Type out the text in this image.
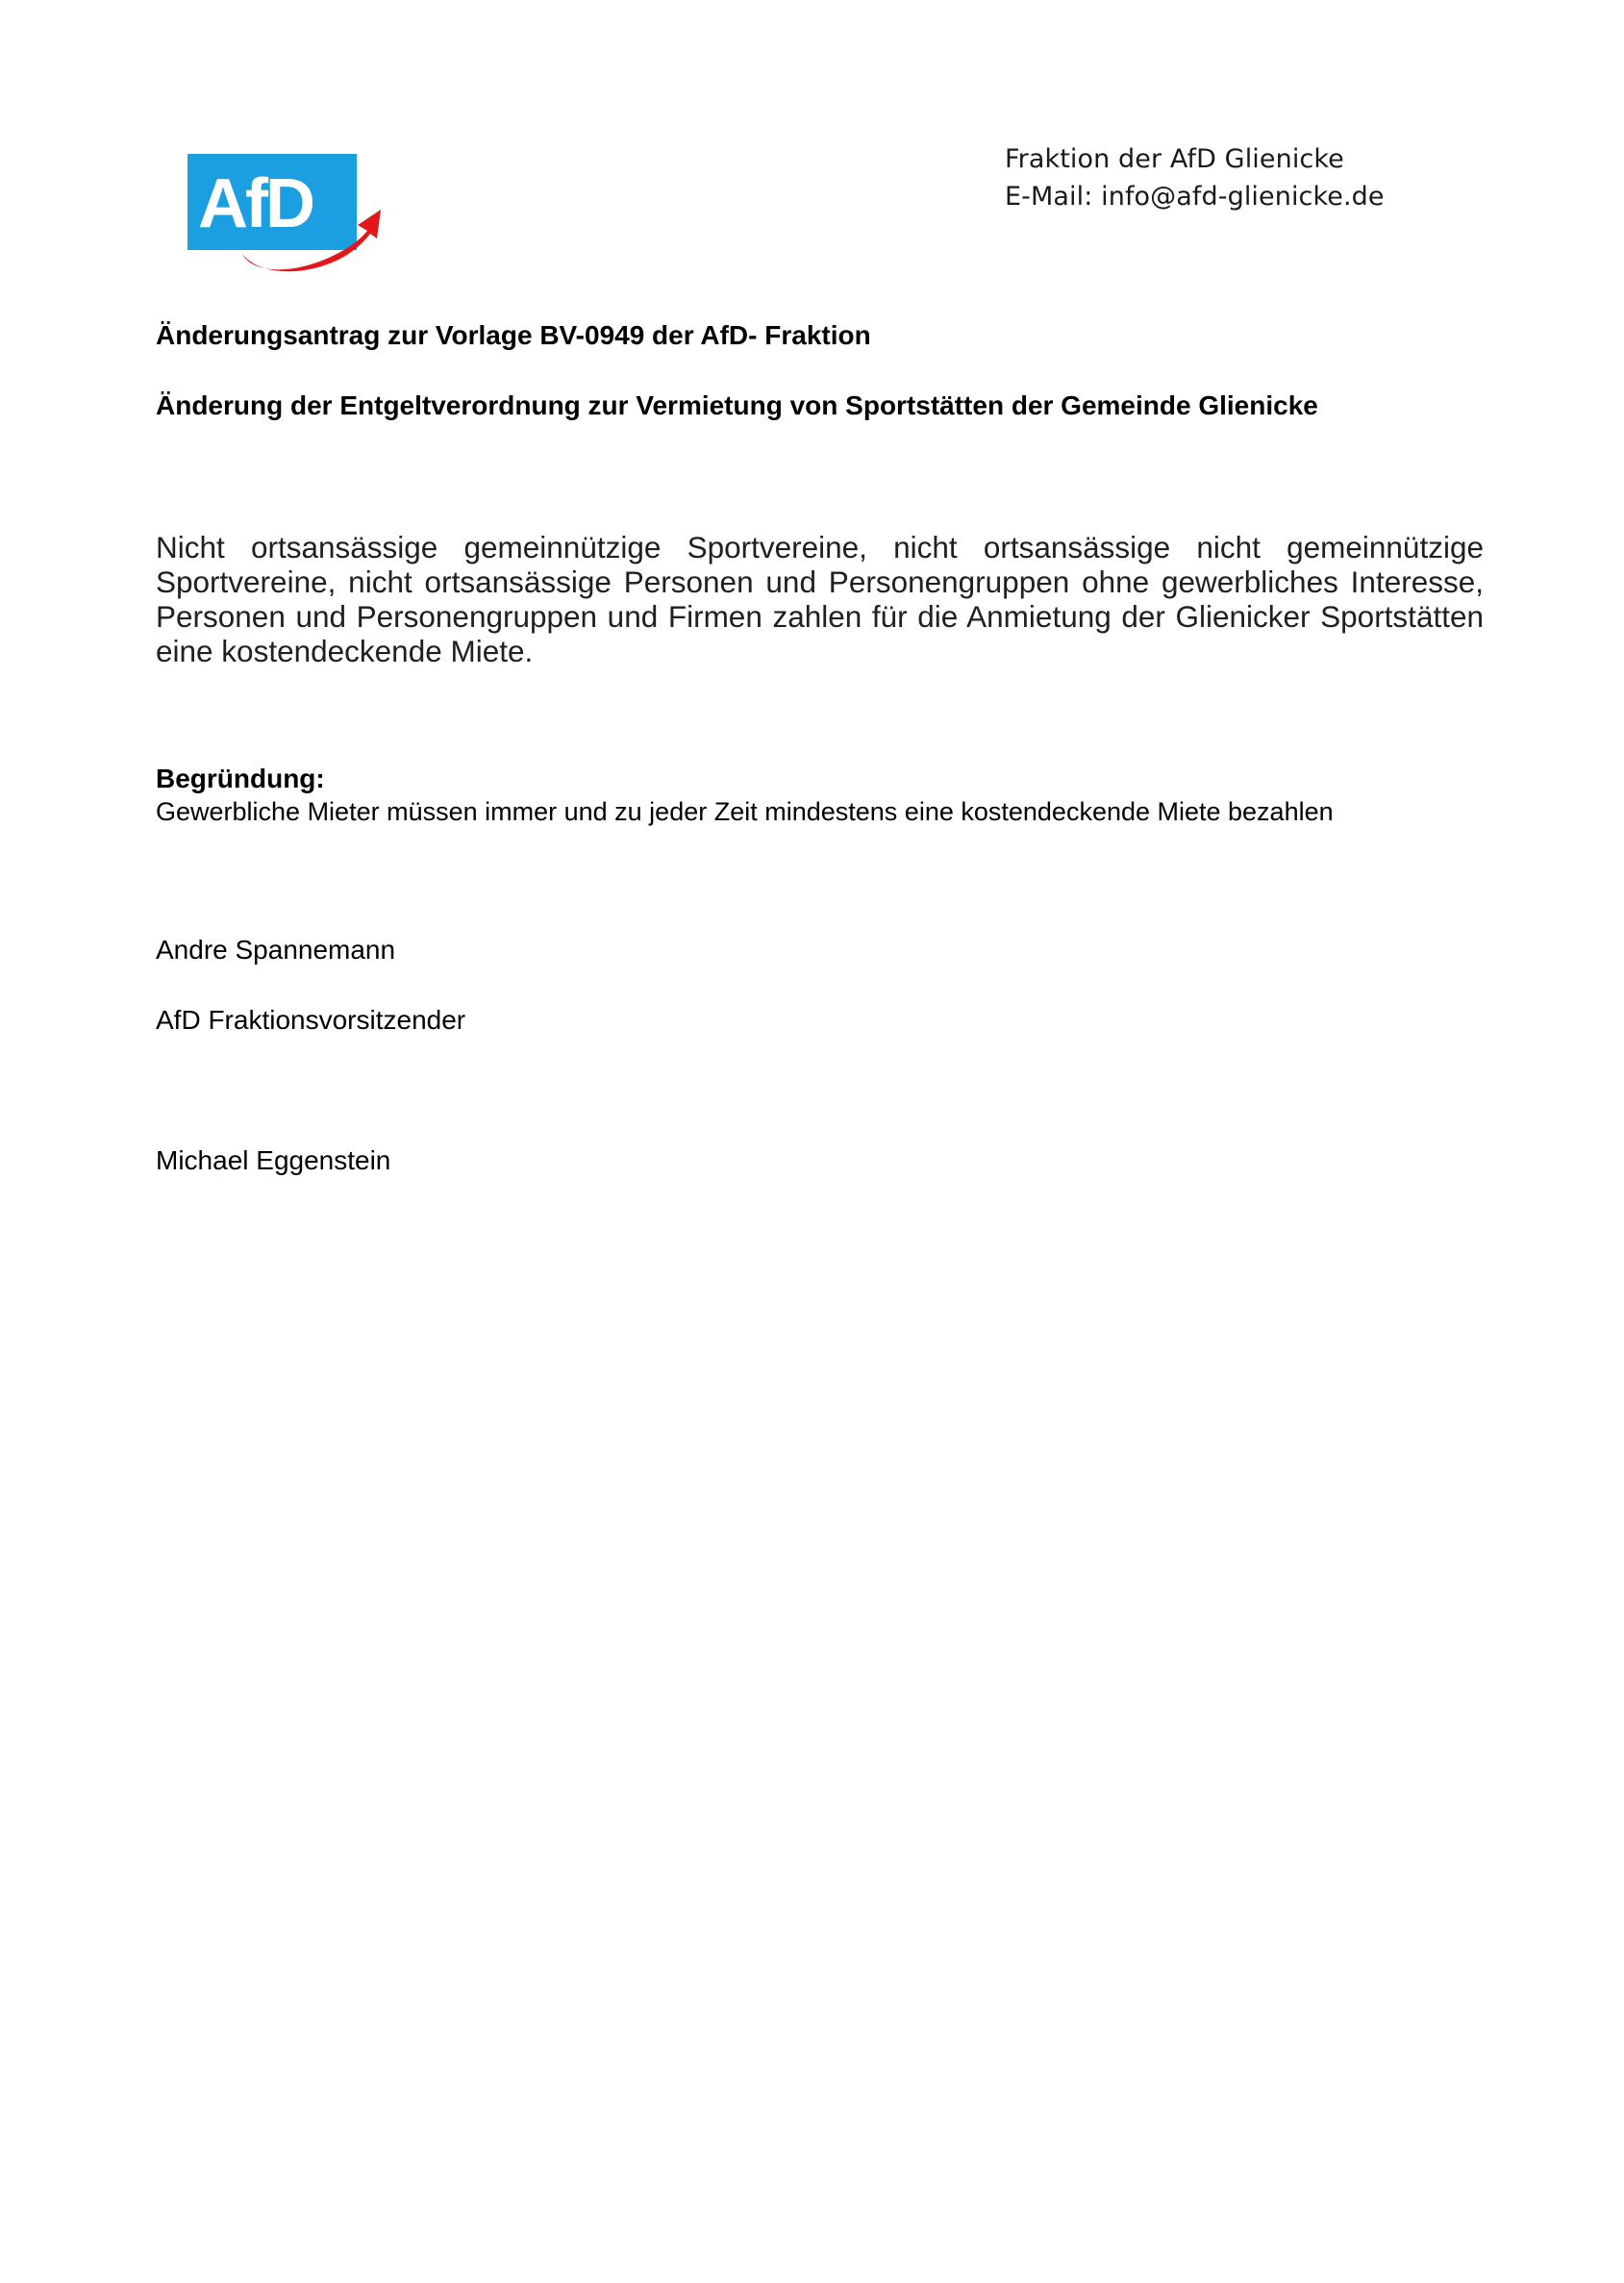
AfD
Fraktion der AfD Glienicke
E-Mail: info@afd-glienicke.de
Änderungsantrag zur Vorlage BV-0949 der AfD- Fraktion
Änderung der Entgeltverordnung zur Vermietung von Sportstätten der Gemeinde Glienicke
Nicht ortsansässige gemeinnützige Sportvereine, nicht ortsansässige nicht gemeinnützige Sportvereine, nicht ortsansässige Personen und Personengruppen ohne gewerbliches Interesse, Personen und Personengruppen und Firmen zahlen für die Anmietung der Glienicker Sportstätten eine kostendeckende Miete.
Begründung:
Gewerbliche Mieter müssen immer und zu jeder Zeit mindestens eine kostendeckende Miete bezahlen
Andre Spannemann
AfD Fraktionsvorsitzender
Michael Eggenstein
